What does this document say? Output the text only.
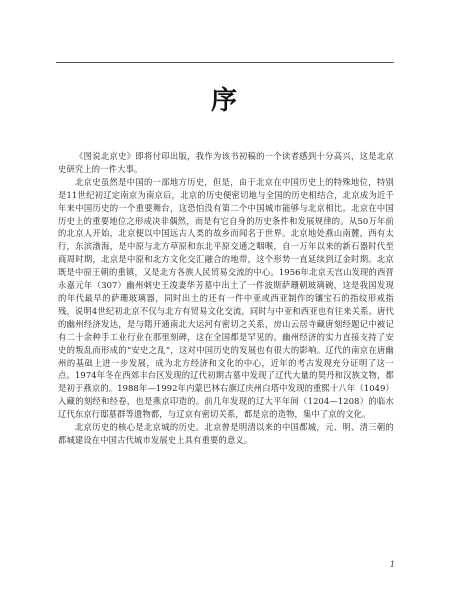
序

《图说北京史》即将付印出版，我作为该书初稿的一个读者感到十分高兴，这是北京史研究上的一件大事。

北京史虽然是中国的一部地方历史，但是，由于北京在中国历史上的特殊地位，特别是11世纪初辽定南京为南京后，北京的历史便密切地与全国的历史相结合，北京成为近千年来中国历史的一个重要舞台，这恐怕没有第二个中国城市能够与北京相比。北京在中国历史上的重要地位之形成决非偶然，而是有它自身的历史条件和发展规律的。从50万年前的北京人开始，北京便以中国远古人类的故乡而闻名于世界。北京地处燕山南麓，西有太行，东滨渤海，是中原与北方草原和东北平原交通之咽喉，自一万年以来的新石器时代至商周时期，北京是中原和北方文化交汇融合的地带，这个形势一直延续到辽金时期。北京既是中原王朝的重镇，又是北方各族人民贸易交流的中心。1956年北京天宫山发现的西晋永嘉元年（307）幽州刺史王浚妻华芳墓中出土了一件波斯萨珊朝玻璃碗，这是我国发现的年代最早的萨珊玻璃器，同时出土的还有一件中亚或西亚制作的镶宝石的指纹形戒指残，说明4世纪初北京不仅与北方有贸易文化交流，同时与中亚和西亚也有往来关系。唐代的幽州经济发达，是与隋开通南北大运河有密切之关系，房山云居寺藏唐刻经题记中被记有二十余种手工业行业在那里刻碑，这在全国都是罕见的。幽州经济的实力直接支持了安史的叛乱而形成的“安史之乱”，这对中国历史的发展也有很大的影响。辽代的南京在唐幽州的基础上进一步发展，成为北方经济和文化的中心，近年的考古发现充分证明了这一点。1974年冬在西郊丰台区发现的辽代初期古墓中发现了辽代大量的契丹和汉族文物，都是初于燕京的。1988年—1992年内蒙巴林右旗辽庆州白塔中发现的重熙十八年（1049）入藏的刻经和经卷，也是燕京印造的。前几年发现的辽大平年间（1204—1208）的临水辽代东京行邸墓群等遗物都，与辽京有密切关系，都是京的造物，集中了京的文化。

北京历史的核心是北京城的历史。北京曾是明清以来的中国都城，元、明、清三朝的都城建设在中国古代城市发展史上具有重要的意义。

1
